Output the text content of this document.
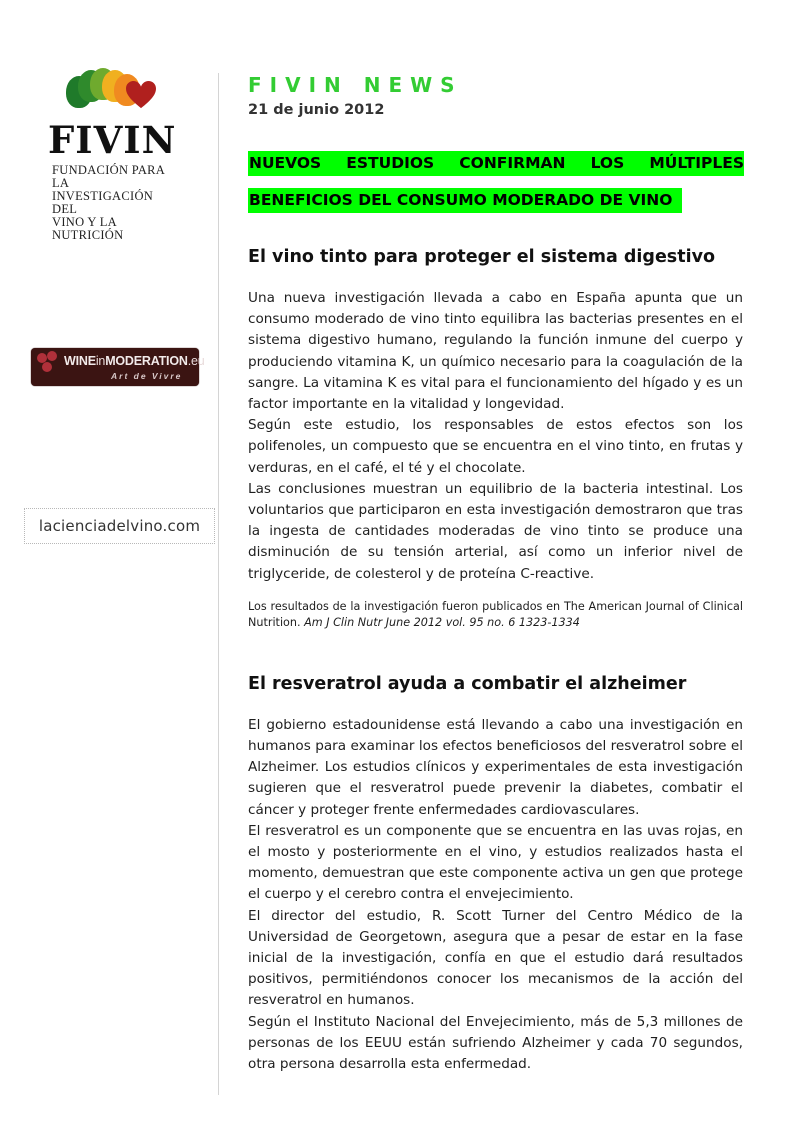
FIVIN
FUNDACIÓN PARA LA
INVESTIGACIÓN DEL
VINO Y LA NUTRICIÓN
WINEinMODERATION.eu
Art de Vivre
lacienciadelvino.com
FIVIN NEWS
21 de junio 2012
NUEVOS ESTUDIOS CONFIRMAN LOS MÚLTIPLES
BENEFICIOS DEL CONSUMO MODERADO DE VINO
El vino tinto para proteger el sistema digestivo

Una nueva investigación llevada a cabo en España apunta que un consumo moderado de vino tinto equilibra las bacterias presentes en el sistema digestivo humano, regulando la función inmune del cuerpo y produciendo vitamina K, un químico necesario para la coagulación de la sangre. La vitamina K es vital para el funcionamiento del hígado y es un factor importante en la vitalidad y longevidad.

Según este estudio, los responsables de estos efectos son los polifenoles, un compuesto que se encuentra en el vino tinto, en frutas y verduras, en el café, el té y el chocolate.

Las conclusiones muestran un equilibrio de la bacteria intestinal. Los voluntarios que participaron en esta investigación demostraron que tras la ingesta de cantidades moderadas de vino tinto se produce una disminución de su tensión arterial, así como un inferior nivel de triglyceride, de colesterol y de proteína C-reactive.

Los resultados de la investigación fueron publicados en The American Journal of Clinical Nutrition. Am J Clin Nutr June 2012 vol. 95 no. 6 1323-1334

El resveratrol ayuda a combatir el alzheimer

El gobierno estadounidense está llevando a cabo una investigación en humanos para examinar los efectos beneficiosos del resveratrol sobre el Alzheimer. Los estudios clínicos y experimentales de esta investigación sugieren que el resveratrol puede prevenir la diabetes, combatir el cáncer y proteger frente enfermedades cardiovasculares.

El resveratrol es un componente que se encuentra en las uvas rojas, en el mosto y posteriormente en el vino, y estudios realizados hasta el momento, demuestran que este componente activa un gen que protege el cuerpo y el cerebro contra el envejecimiento.

El director del estudio, R. Scott Turner del Centro Médico de la Universidad de Georgetown, asegura que a pesar de estar en la fase inicial de la investigación, confía en que el estudio dará resultados positivos, permitiéndonos conocer los mecanismos de la acción del resveratrol en humanos.

Según el Instituto Nacional del Envejecimiento, más de 5,3 millones de personas de los EEUU están sufriendo Alzheimer y cada 70 segundos, otra persona desarrolla esta enfermedad.
